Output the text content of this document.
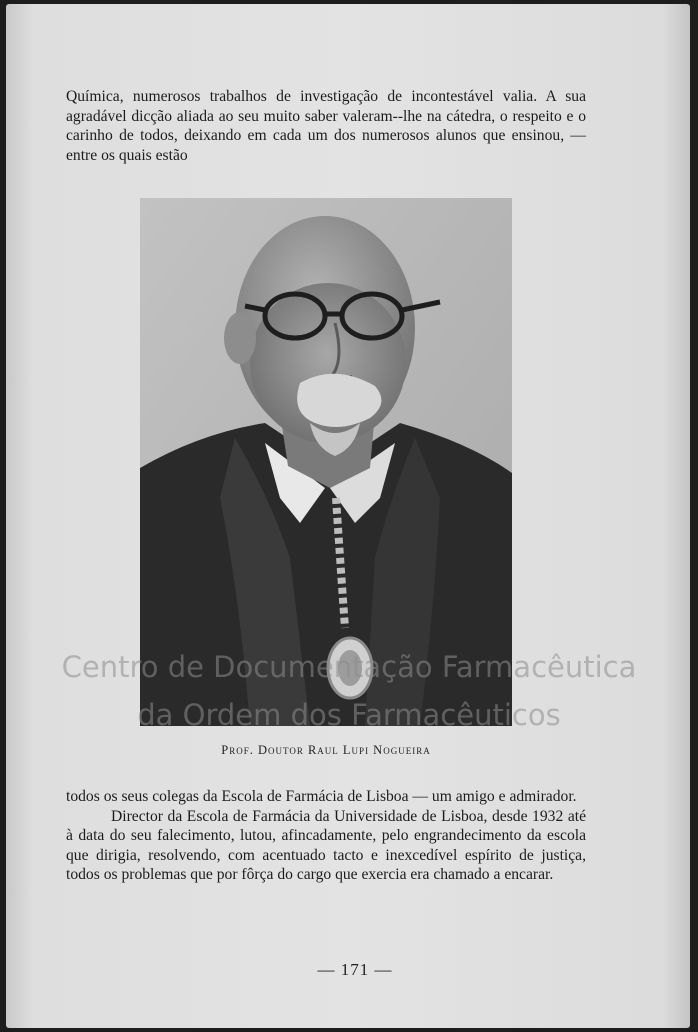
Química, numerosos trabalhos de investigação de incontestável valia. A sua agradável dicção aliada ao seu muito saber valeram--lhe na cátedra, o respeito e o carinho de todos, deixando em cada um dos numerosos alunos que ensinou, — entre os quais estão

Prof. Doutor Raul Lupi Nogueira

todos os seus colegas da Escola de Farmácia de Lisboa — um amigo e admirador.

Director da Escola de Farmácia da Universidade de Lisboa, desde 1932 até à data do seu falecimento, lutou, afincadamente, pelo engrandecimento da escola que dirigia, resolvendo, com acentuado tacto e inexcedível espírito de justiça, todos os problemas que por fôrça do cargo que exercia era chamado a encarar.

— 171 —
Centro de Documentação Farmacêutica
da Ordem dos Farmacêuticos
